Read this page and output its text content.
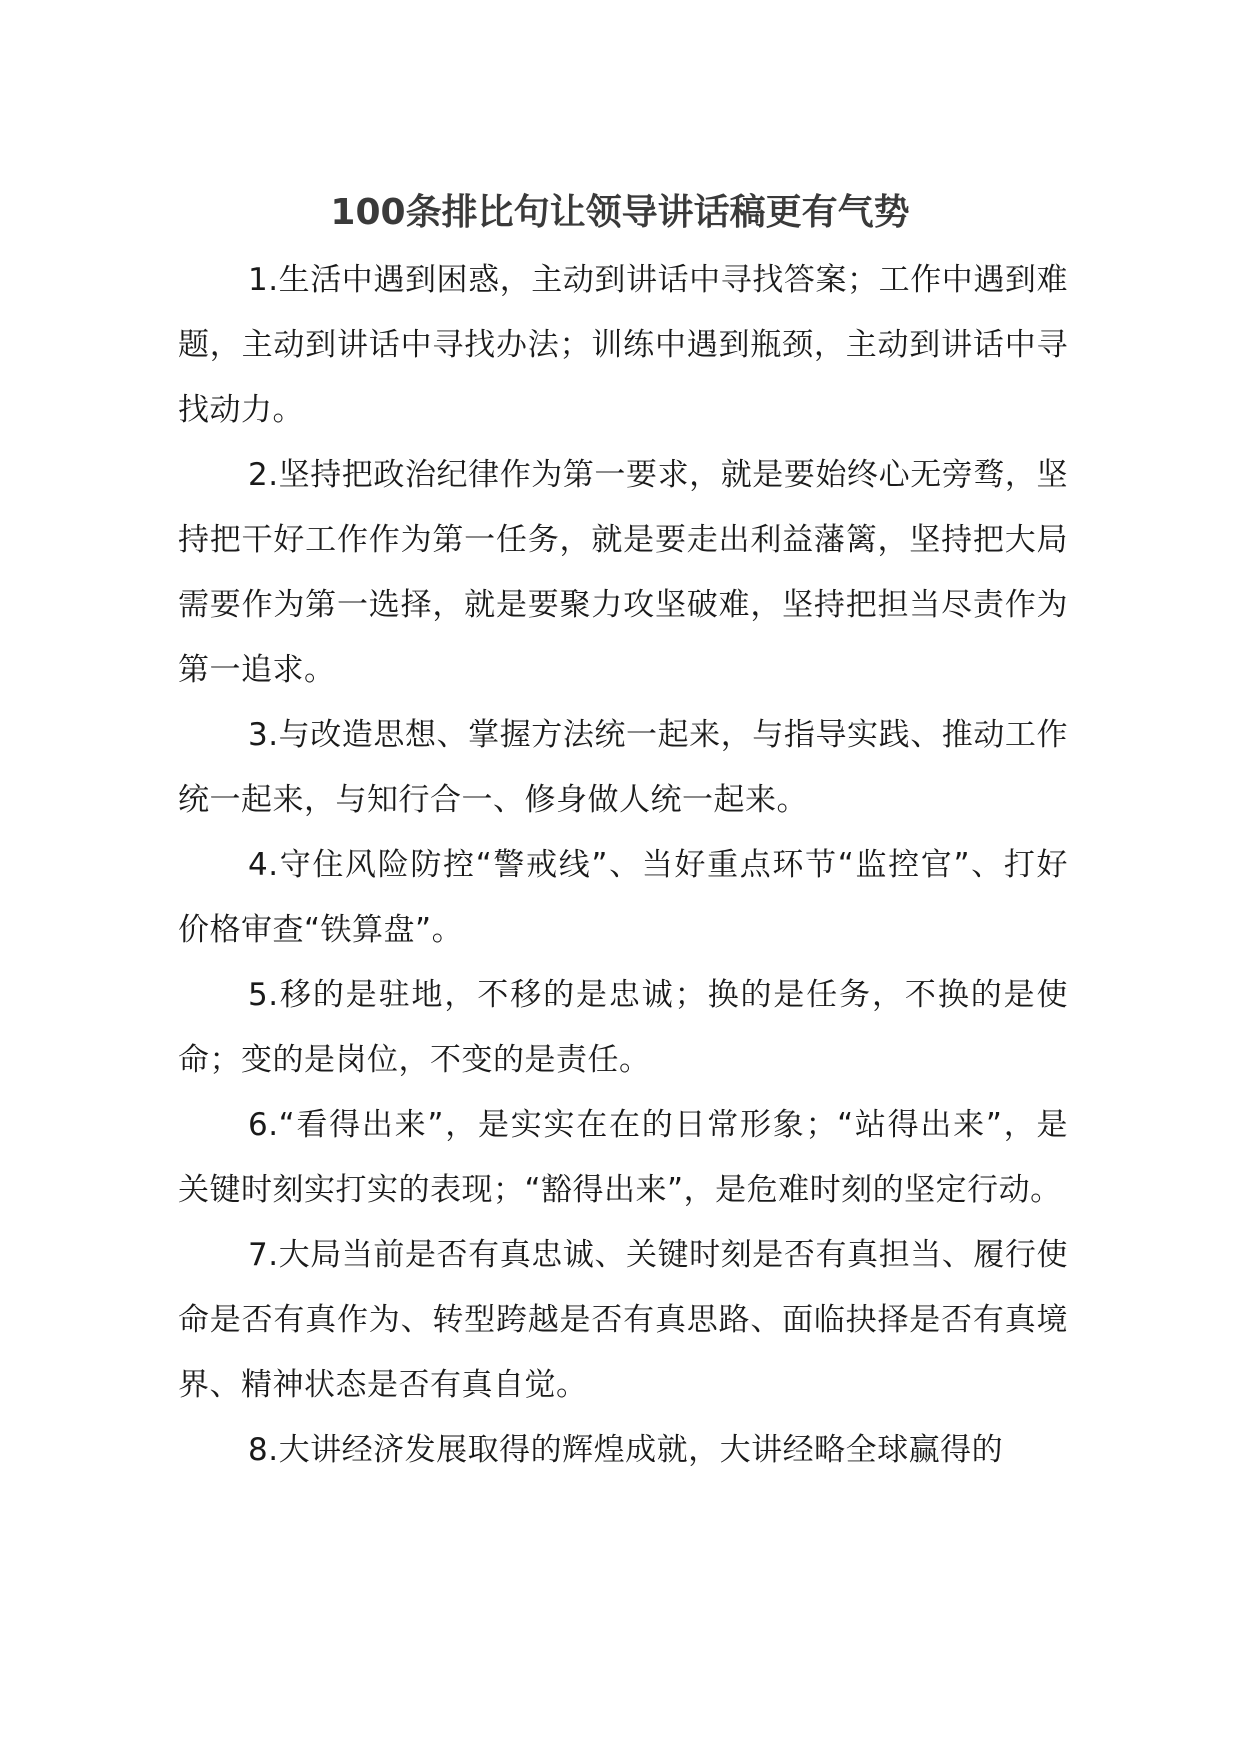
100条排比句让领导讲话稿更有气势

1.生活中遇到困惑，主动到讲话中寻找答案；工作中遇到难题，主动到讲话中寻找办法；训练中遇到瓶颈，主动到讲话中寻找动力。

2.坚持把政治纪律作为第一要求，就是要始终心无旁骛，坚持把干好工作作为第一任务，就是要走出利益藩篱，坚持把大局需要作为第一选择，就是要聚力攻坚破难，坚持把担当尽责作为第一追求。

3.与改造思想、掌握方法统一起来，与指导实践、推动工作统一起来，与知行合一、修身做人统一起来。

4.守住风险防控“警戒线”、当好重点环节“监控官”、打好价格审查“铁算盘”。

5.移的是驻地，不移的是忠诚；换的是任务，不换的是使命；变的是岗位，不变的是责任。

6.“看得出来”，是实实在在的日常形象；“站得出来”，是关键时刻实打实的表现；“豁得出来”，是危难时刻的坚定行动。

7.大局当前是否有真忠诚、关键时刻是否有真担当、履行使命是否有真作为、转型跨越是否有真思路、面临抉择是否有真境界、精神状态是否有真自觉。

8.大讲经济发展取得的辉煌成就，大讲经略全球赢得的
